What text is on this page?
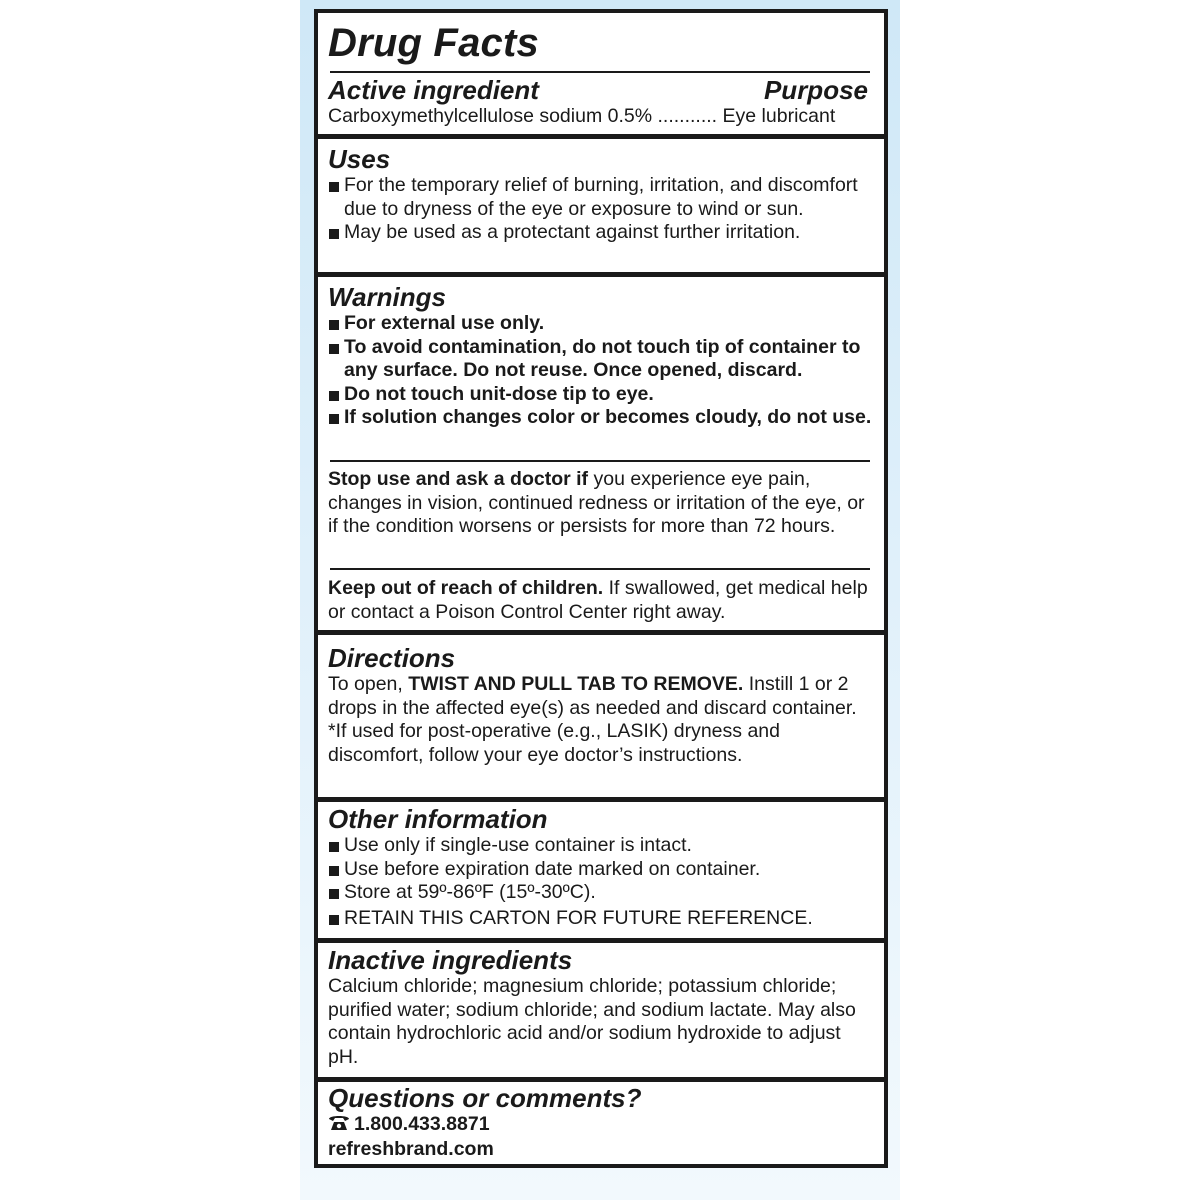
Drug Facts
Active ingredient	Purpose
Carboxymethylcellulose sodium 0.5% ........... Eye lubricant
Uses
For the temporary relief of burning, irritation, and discomfort due to dryness of the eye or exposure to wind or sun.
May be used as a protectant against further irritation.
Warnings
For external use only.
To avoid contamination, do not touch tip of container to any surface. Do not reuse. Once opened, discard.
Do not touch unit-dose tip to eye.
If solution changes color or becomes cloudy, do not use.

Stop use and ask a doctor if you experience eye pain, changes in vision, continued redness or irritation of the eye, or if the condition worsens or persists for more than 72 hours.

Keep out of reach of children. If swallowed, get medical help or contact a Poison Control Center right away.

Directions

To open, TWIST AND PULL TAB TO REMOVE. Instill 1 or 2 drops in the affected eye(s) as needed and discard container.

*If used for post-operative (e.g., LASIK) dryness and discomfort, follow your eye doctor’s instructions.

Other information
Use only if single-use container is intact.
Use before expiration date marked on container.
Store at 59º-86ºF (15º-30ºC).
RETAIN THIS CARTON FOR FUTURE REFERENCE.
Inactive ingredients

Calcium chloride; magnesium chloride; potassium chloride; purified water; sodium chloride; and sodium lactate. May also contain hydrochloric acid and/or sodium hydroxide to adjust pH.

Questions or comments?
1.800.433.8871
refreshbrand.com
